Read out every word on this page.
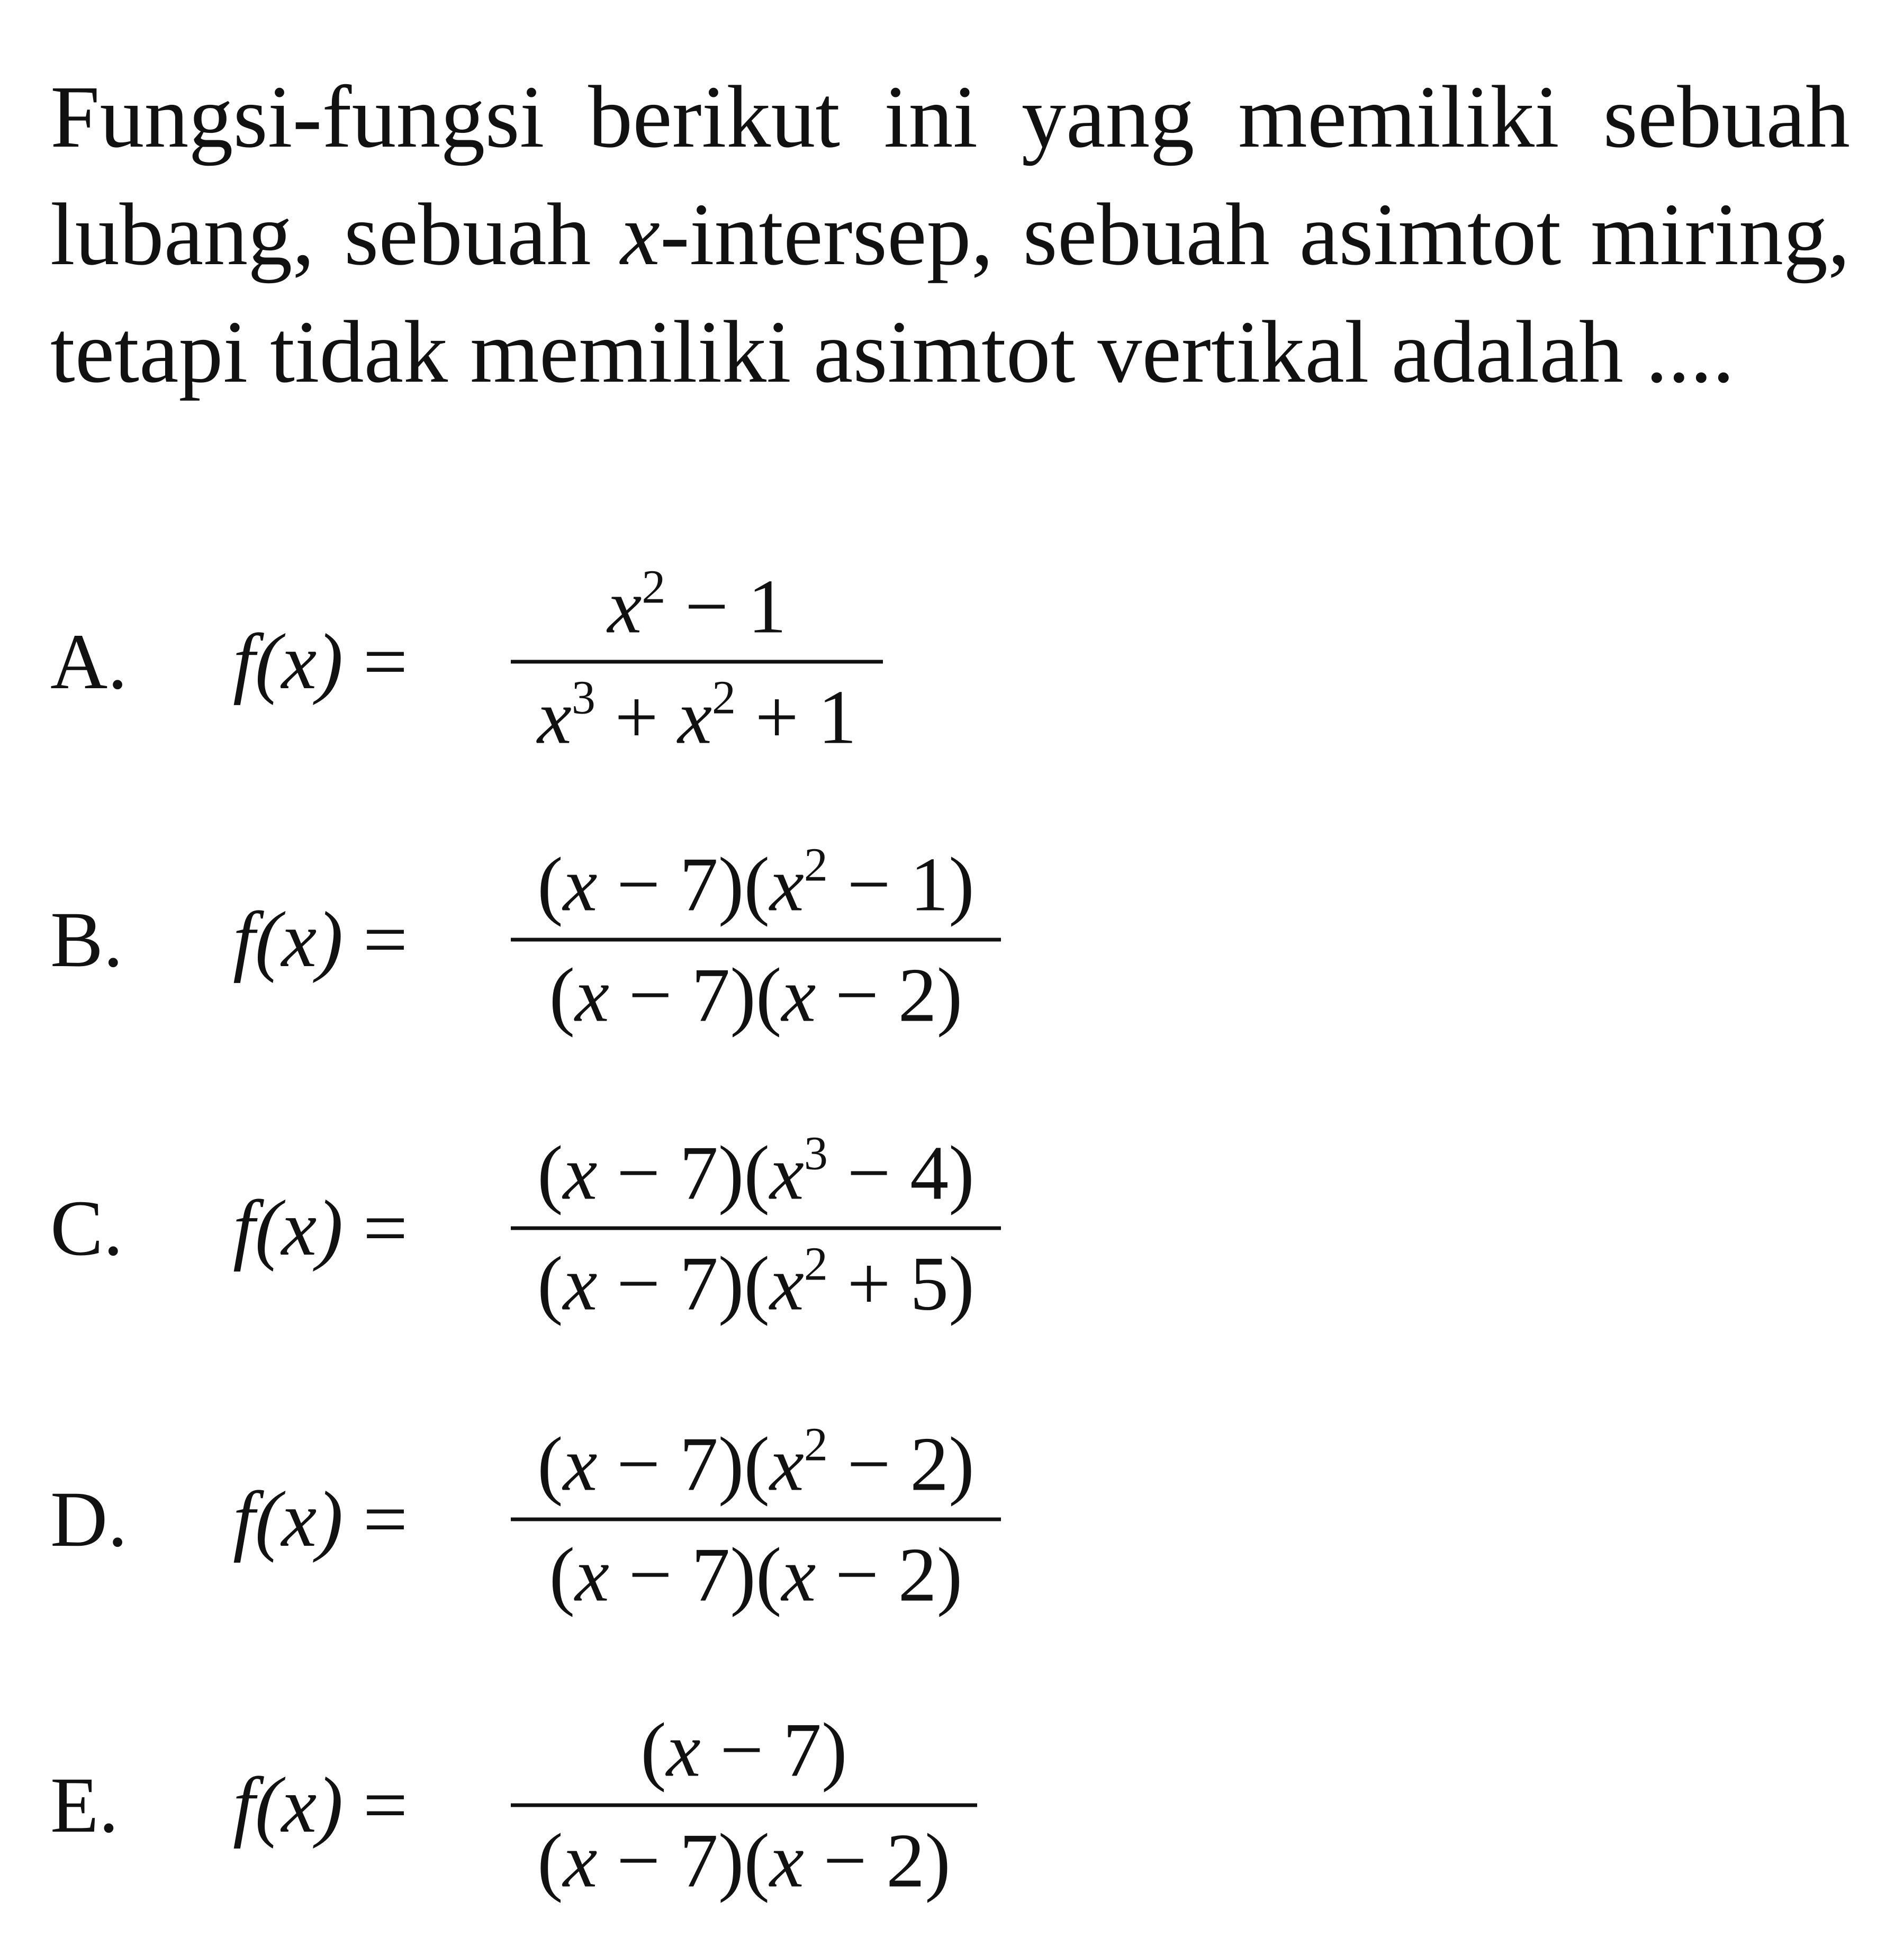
Fungsi-fungsi berikut ini yang memiliki sebuah lubang, sebuah x-intersep, sebuah asimtot miring, tetapi tidak memiliki asimtot vertikal adalah ....
A. f(x) =
$x^2 - 1$
$x^3 + x^2 + 1$
B. f(x) =
$(x - 7)(x^2 - 1)$
(x − 7)(x − 2)
C. f(x) =
$(x - 7)(x^3 - 4)$
$(x - 7)(x^2 + 5)$
D. f(x) =
$(x - 7)(x^2 - 2)$
(x − 7)(x − 2)
E. f(x) =
(x − 7)
(x − 7)(x − 2)
